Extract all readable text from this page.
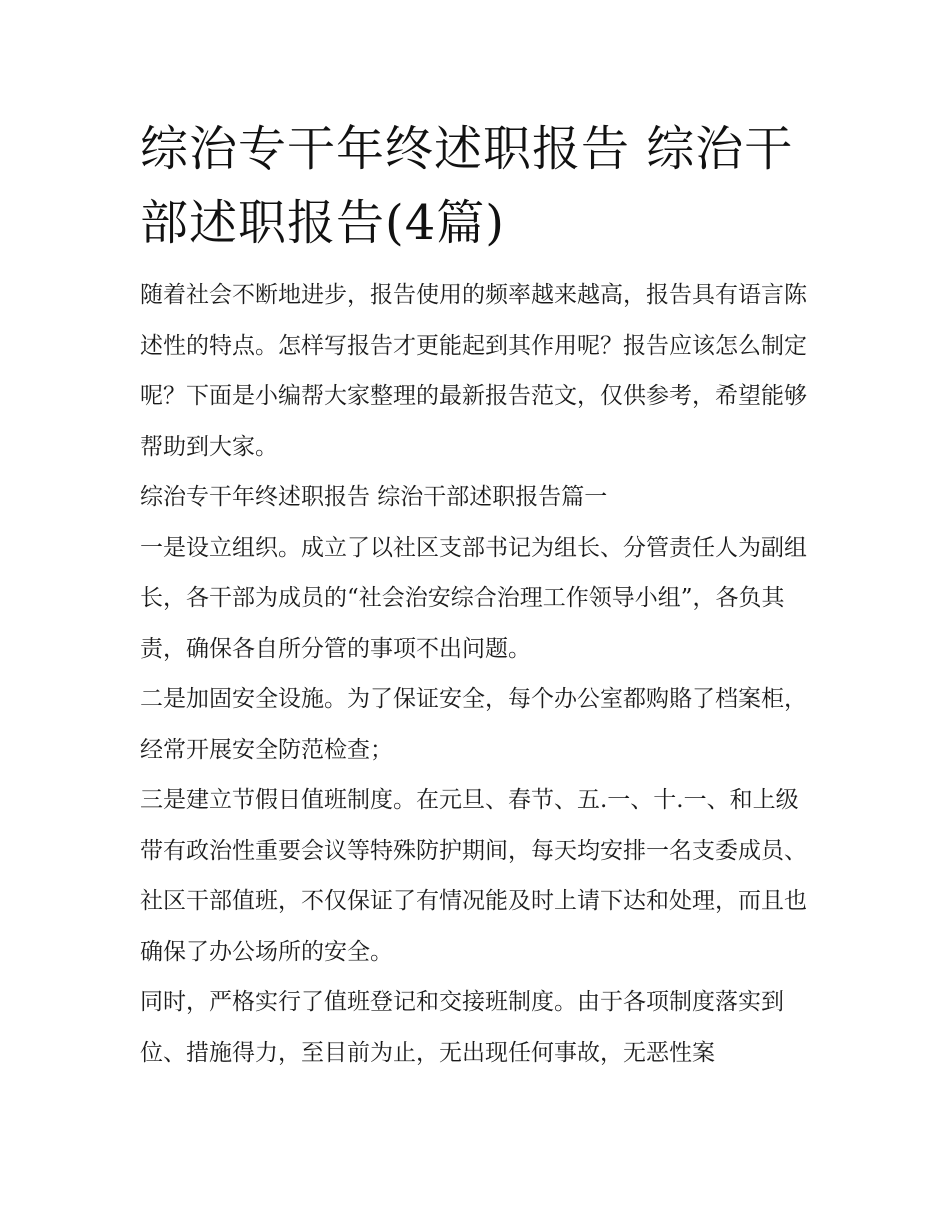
综治专干年终述职报告 综治干部述职报告(4篇)

随着社会不断地进步，报告使用的频率越来越高，报告具有语言陈述性的特点。怎样写报告才更能起到其作用呢？报告应该怎么制定呢？下面是小编帮大家整理的最新报告范文，仅供参考，希望能够帮助到大家。

综治专干年终述职报告 综治干部述职报告篇一

一是设立组织。成立了以社区支部书记为组长、分管责任人为副组长，各干部为成员的“社会治安综合治理工作领导小组”，各负其责，确保各自所分管的事项不出问题。

二是加固安全设施。为了保证安全，每个办公室都购賂了档案柜，经常开展安全防范检查；

三是建立节假日值班制度。在元旦、春节、五.一、十.一、和上级带有政治性重要会议等特殊防护期间，每天均安排一名支委成员、社区干部值班，不仅保证了有情况能及时上请下达和处理，而且也确保了办公场所的安全。

同时，严格实行了值班登记和交接班制度。由于各项制度落实到位、措施得力，至目前为止，无出现任何事故，无恶性案
